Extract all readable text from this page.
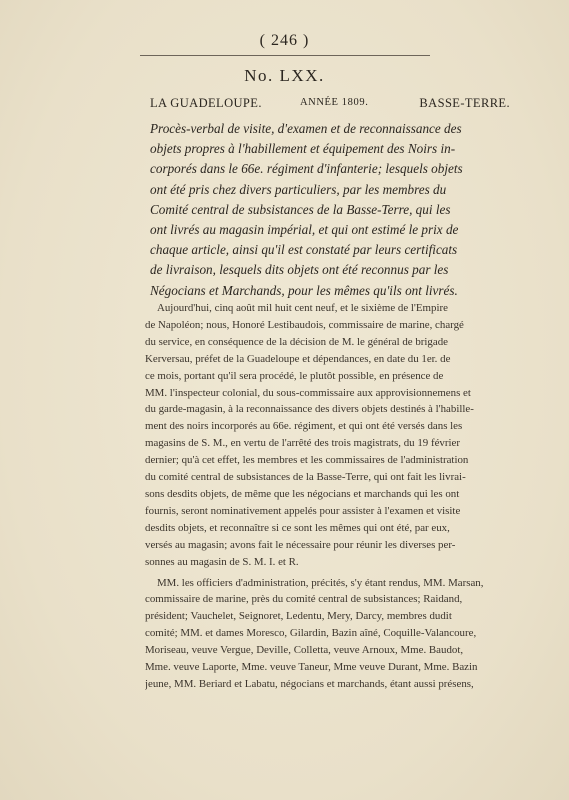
( 246 )
No. LXX.
LA GUADELOUPE.	ANNÉE 1809.	BASSE-TERRE.
Procès-verbal de visite, d'examen et de reconnaissance des
objets propres à l'habillement et équipement des Noirs in-
corporés dans le 66e. régiment d'infanterie; lesquels objets
ont été pris chez divers particuliers, par les membres du
Comité central de subsistances de la Basse-Terre, qui les
ont livrés au magasin impérial, et qui ont estimé le prix de
chaque article, ainsi qu'il est constaté par leurs certificats
de livraison, lesquels dits objets ont été reconnus par les
Négocians et Marchands, pour les mêmes qu'ils ont livrés.
Aujourd'hui, cinq août mil huit cent neuf, et le sixième de l'Empire
de Napoléon; nous, Honoré Lestibaudois, commissaire de marine, chargé
du service, en conséquence de la décision de M. le général de brigade
Kerversau, préfet de la Guadeloupe et dépendances, en date du 1er. de
ce mois, portant qu'il sera procédé, le plutôt possible, en présence de
MM. l'inspecteur colonial, du sous-commissaire aux approvisionnemens et
du garde-magasin, à la reconnaissance des divers objets destinés à l'habille-
ment des noirs incorporés au 66e. régiment, et qui ont été versés dans les
magasins de S. M., en vertu de l'arrêté des trois magistrats, du 19 février
dernier; qu'à cet effet, les membres et les commissaires de l'administration
du comité central de subsistances de la Basse-Terre, qui ont fait les livrai-
sons desdits objets, de même que les négocians et marchands qui les ont
fournis, seront nominativement appelés pour assister à l'examen et visite
desdits objets, et reconnaître si ce sont les mêmes qui ont été, par eux,
versés au magasin; avons fait le nécessaire pour réunir les diverses per-
sonnes au magasin de S. M. I. et R.
MM. les officiers d'administration, précités, s'y étant rendus, MM. Marsan,
commissaire de marine, près du comité central de subsistances; Raidand,
président; Vauchelet, Seignoret, Ledentu, Mery, Darcy, membres dudit
comité; MM. et dames Moresco, Gilardin, Bazin aîné, Coquille-Valancoure,
Moriseau, veuve Vergue, Deville, Colletta, veuve Arnoux, Mme. Baudot,
Mme. veuve Laporte, Mme. veuve Taneur, Mme veuve Durant, Mme. Bazin
jeune, MM. Beriard et Labatu, négocians et marchands, étant aussi présens,
